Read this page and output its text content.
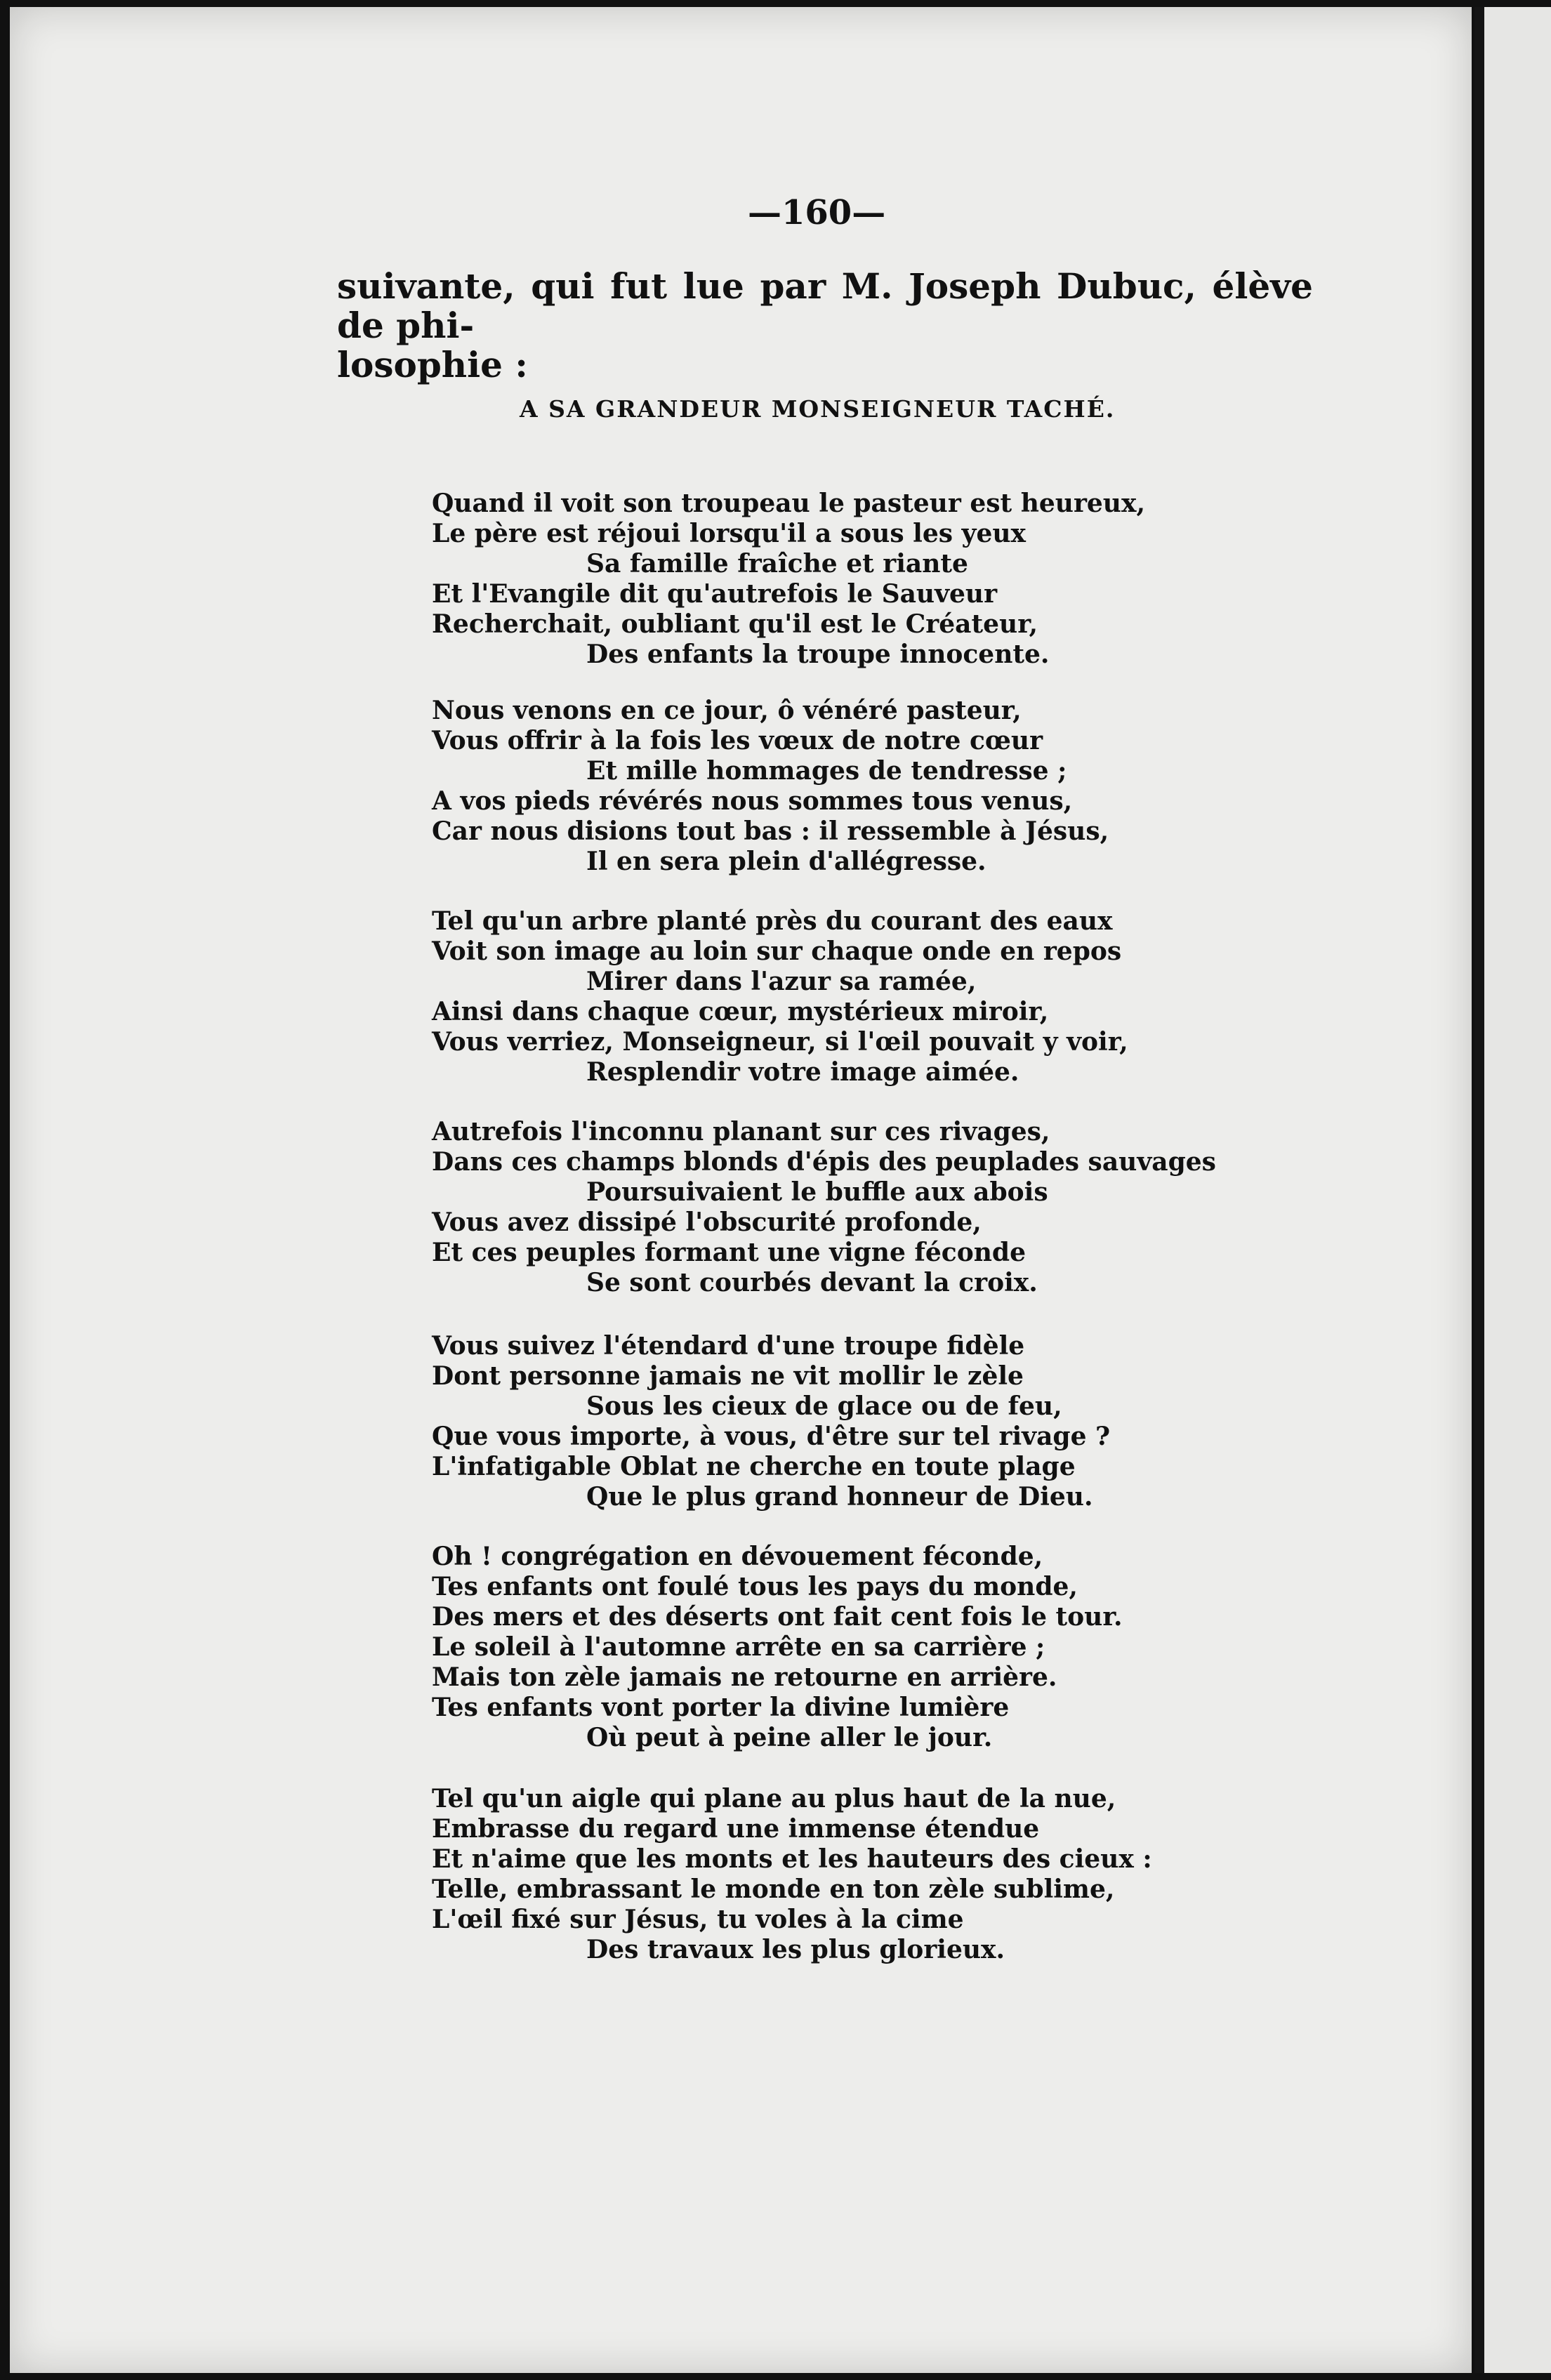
—160—
suivante, qui fut lue par M. Joseph Dubuc, élève de phi-
losophie :
A SA GRANDEUR MONSEIGNEUR TACHÉ.
Quand il voit son troupeau le pasteur est heureux,
Le père est réjoui lorsqu'il a sous les yeux
Sa famille fraîche et riante
Et l'Evangile dit qu'autrefois le Sauveur
Recherchait, oubliant qu'il est le Créateur,
Des enfants la troupe innocente.
Nous venons en ce jour, ô vénéré pasteur,
Vous offrir à la fois les vœux de notre cœur
Et mille hommages de tendresse ;
A vos pieds révérés nous sommes tous venus,
Car nous disions tout bas : il ressemble à Jésus,
Il en sera plein d'allégresse.
Tel qu'un arbre planté près du courant des eaux
Voit son image au loin sur chaque onde en repos
Mirer dans l'azur sa ramée,
Ainsi dans chaque cœur, mystérieux miroir,
Vous verriez, Monseigneur, si l'œil pouvait y voir,
Resplendir votre image aimée.
Autrefois l'inconnu planant sur ces rivages,
Dans ces champs blonds d'épis des peuplades sauvages
Poursuivaient le buffle aux abois
Vous avez dissipé l'obscurité profonde,
Et ces peuples formant une vigne féconde
Se sont courbés devant la croix.
Vous suivez l'étendard d'une troupe fidèle
Dont personne jamais ne vit mollir le zèle
Sous les cieux de glace ou de feu,
Que vous importe, à vous, d'être sur tel rivage ?
L'infatigable Oblat ne cherche en toute plage
Que le plus grand honneur de Dieu.
Oh ! congrégation en dévouement féconde,
Tes enfants ont foulé tous les pays du monde,
Des mers et des déserts ont fait cent fois le tour.
Le soleil à l'automne arrête en sa carrière ;
Mais ton zèle jamais ne retourne en arrière.
Tes enfants vont porter la divine lumière
Où peut à peine aller le jour.
Tel qu'un aigle qui plane au plus haut de la nue,
Embrasse du regard une immense étendue
Et n'aime que les monts et les hauteurs des cieux :
Telle, embrassant le monde en ton zèle sublime,
L'œil fixé sur Jésus, tu voles à la cime
Des travaux les plus glorieux.
